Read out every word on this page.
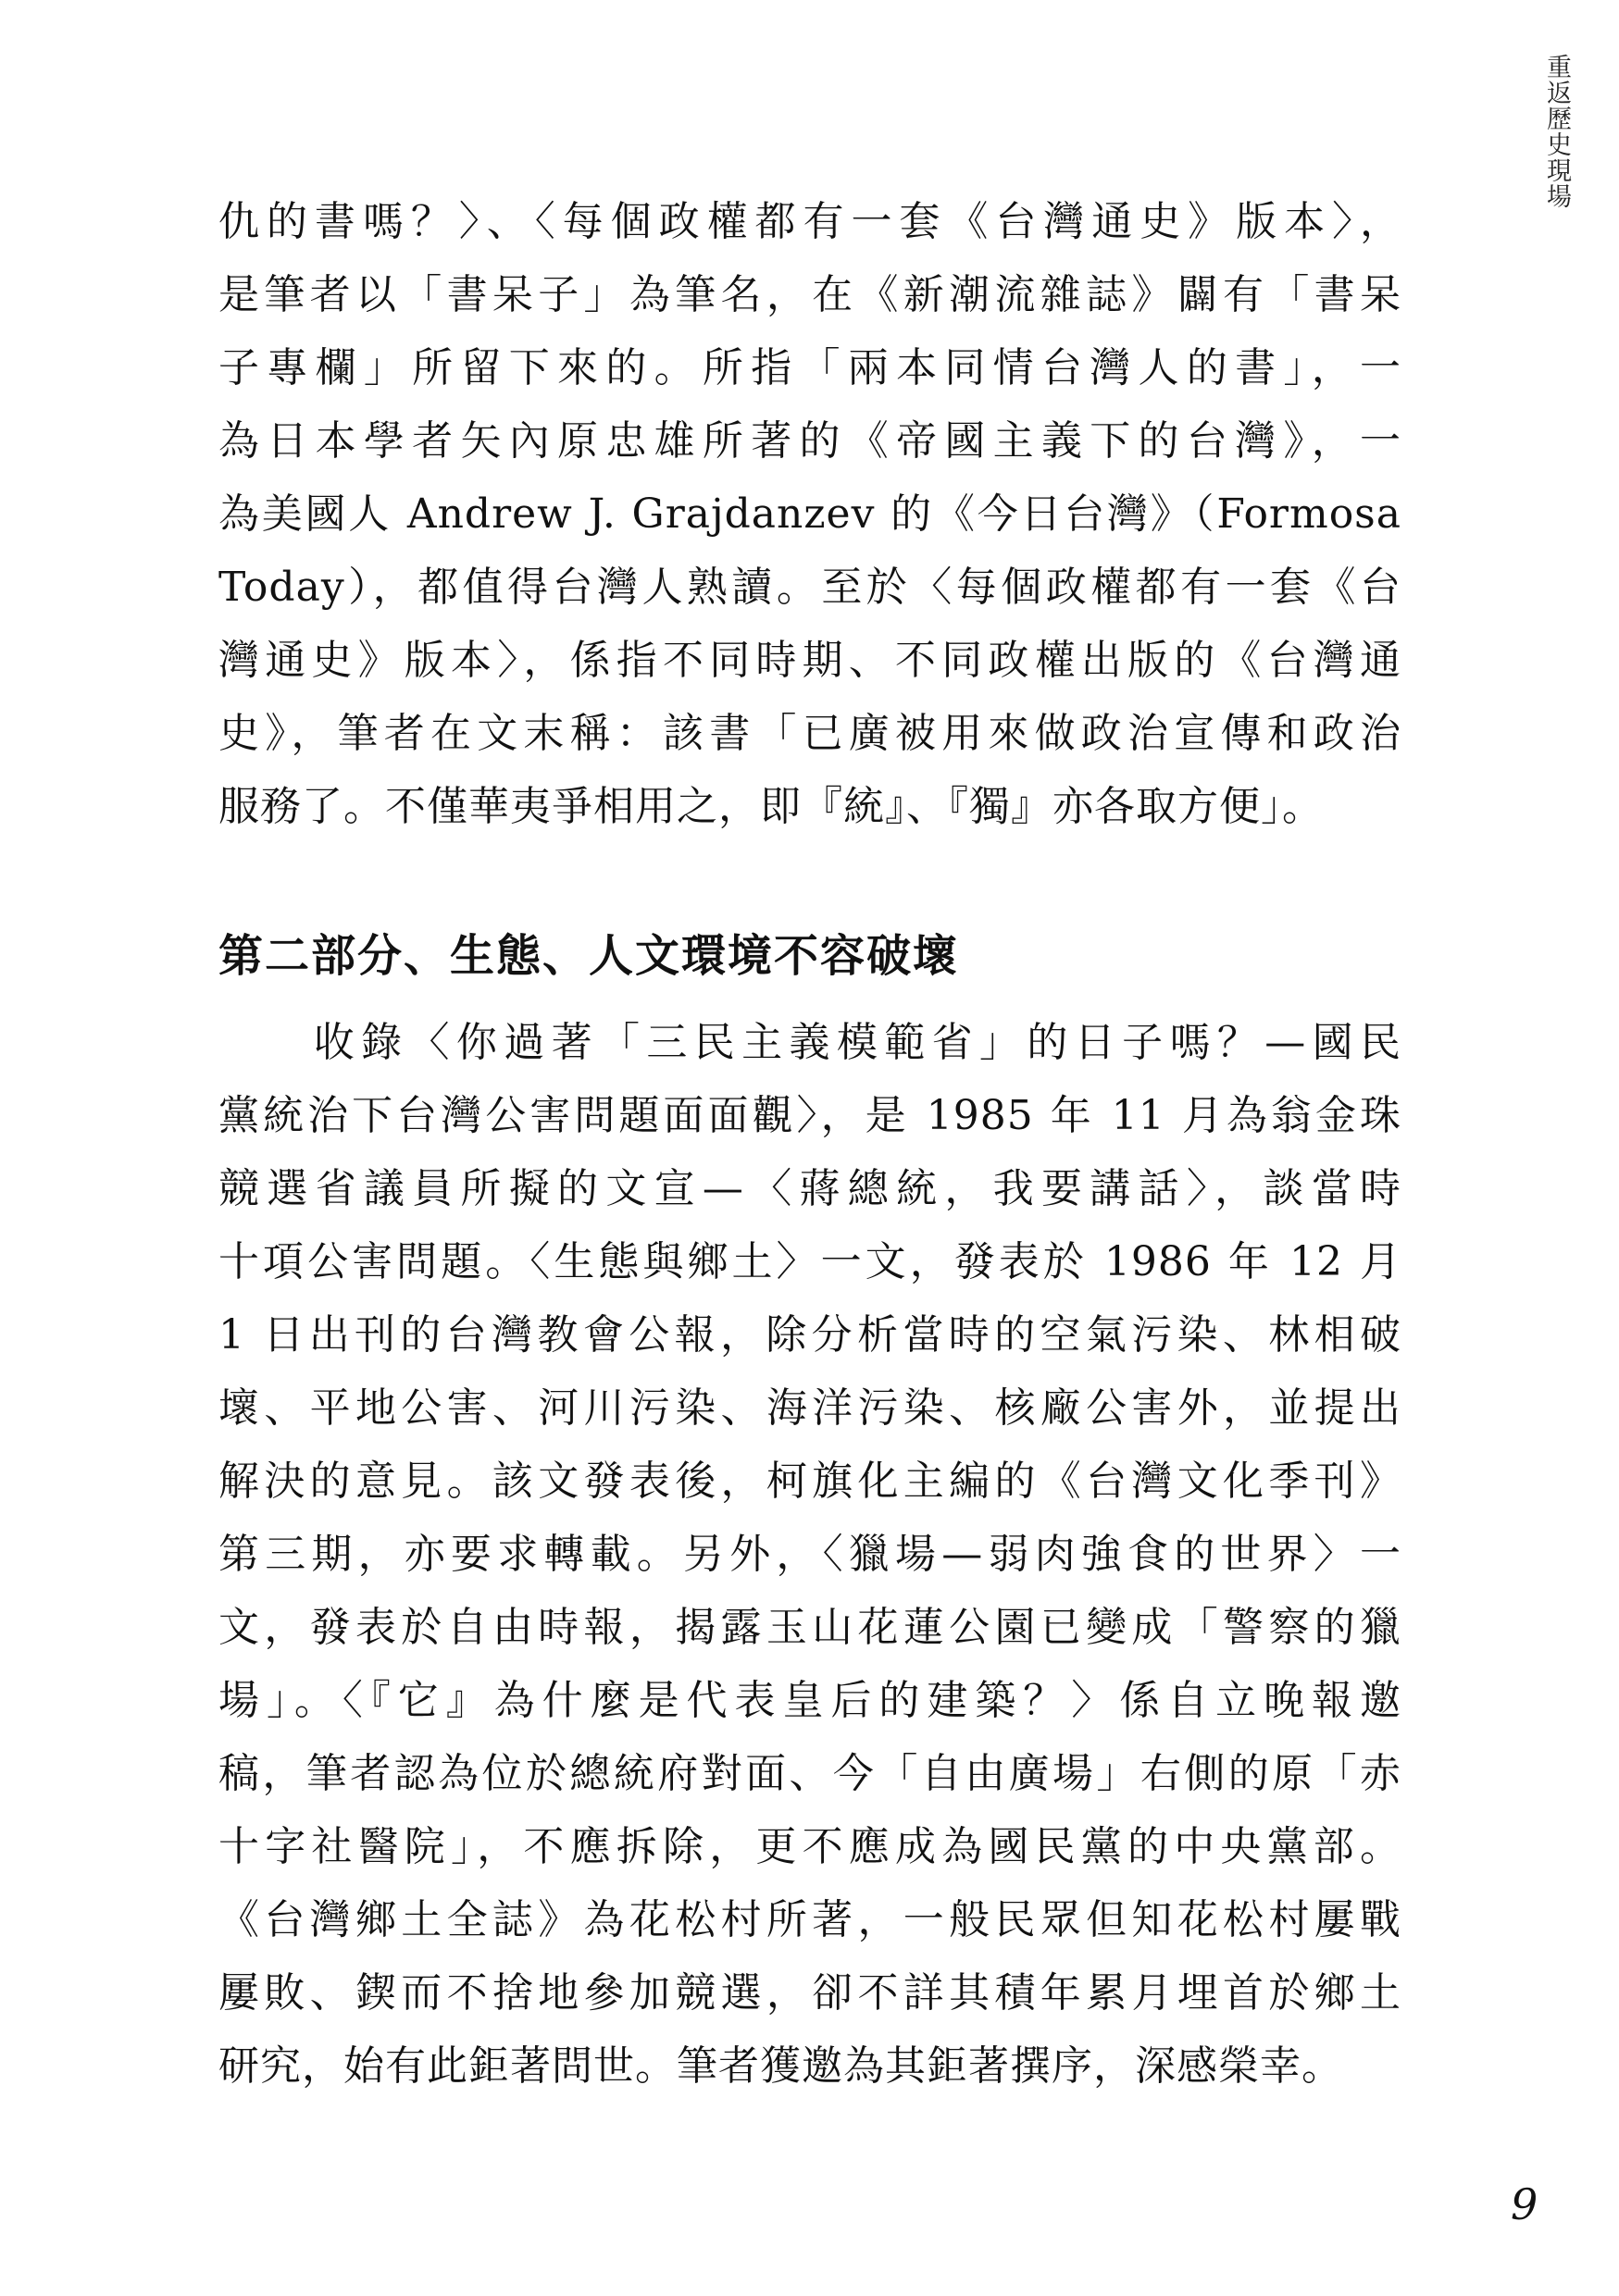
重返歷史現場
仇的書嗎？〉、〈每個政權都有一套《台灣通史》版本〉，
是筆者以「書呆子」為筆名，在《新潮流雜誌》闢有「書呆
子專欄」所留下來的。所指「兩本同情台灣人的書」，一
為日本學者矢內原忠雄所著的《帝國主義下的台灣》，一
為美國人 Andrew J. Grajdanzev 的《今日台灣》（Formosa
Today），都值得台灣人熟讀。至於〈每個政權都有一套《台
灣通史》版本〉，係指不同時期、不同政權出版的《台灣通
史》，筆者在文末稱：該書「已廣被用來做政治宣傳和政治
服務了。不僅華夷爭相用之，即『統』、『獨』亦各取方便」。
第二部分、生態、人文環境不容破壞
　　收錄〈你過著「三民主義模範省」的日子嗎？—國民
黨統治下台灣公害問題面面觀〉，是 1985 年 11 月為翁金珠
競選省議員所擬的文宣—〈蔣總統，我要講話〉，談當時
十項公害問題。〈生態與鄉土〉一文，發表於 1986 年 12 月
1 日出刊的台灣教會公報，除分析當時的空氣污染、林相破
壞、平地公害、河川污染、海洋污染、核廠公害外，並提出
解決的意見。該文發表後，柯旗化主編的《台灣文化季刊》
第三期，亦要求轉載。另外，〈獵場—弱肉強食的世界〉一
文，發表於自由時報，揭露玉山花蓮公園已變成「警察的獵
場」。〈『它』為什麼是代表皇后的建築？〉係自立晚報邀
稿，筆者認為位於總統府對面、今「自由廣場」右側的原「赤
十字社醫院」，不應拆除，更不應成為國民黨的中央黨部。
《台灣鄉土全誌》為花松村所著，一般民眾但知花松村屢戰
屢敗、鍥而不捨地參加競選，卻不詳其積年累月埋首於鄉土
研究，始有此鉅著問世。筆者獲邀為其鉅著撰序，深感榮幸。
9
